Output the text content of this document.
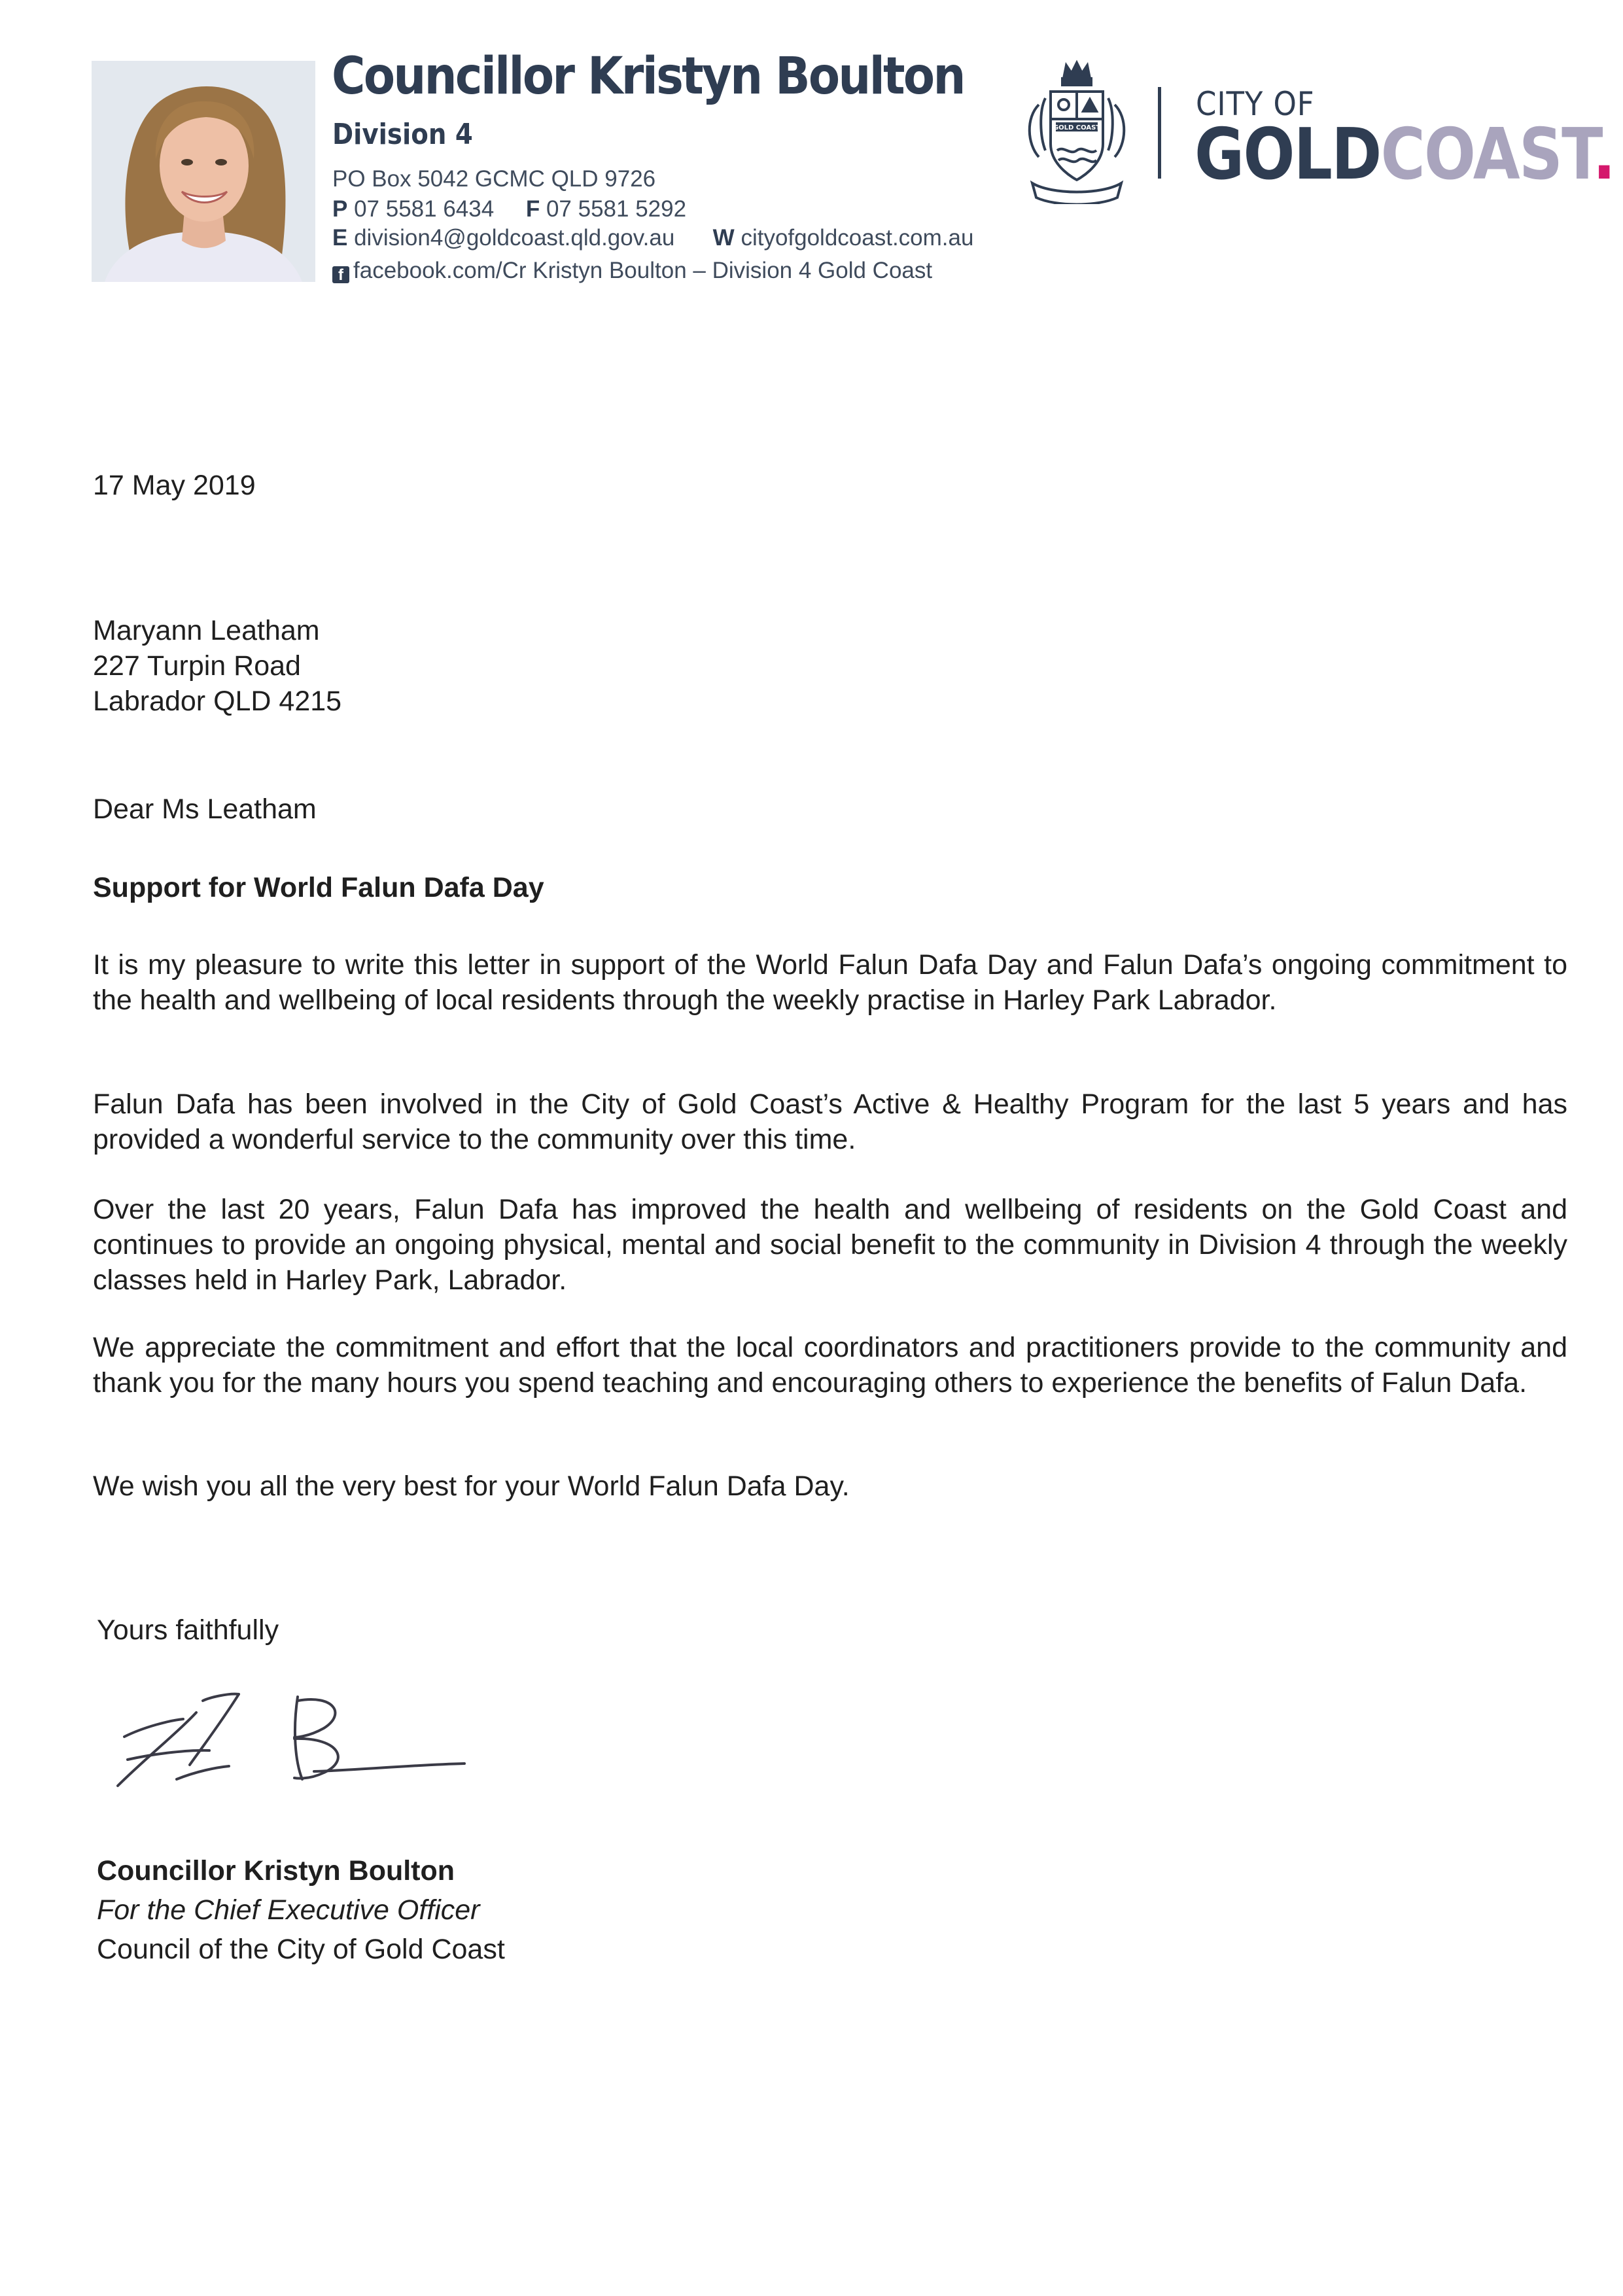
Councillor Kristyn Boulton
Division 4
PO Box 5042 GCMC QLD 9726
P 07 5581 6434 F 07 5581 5292
E division4@goldcoast.qld.gov.au W cityofgoldcoast.com.au
f facebook.com/Cr Kristyn Boulton – Division 4 Gold Coast
GOLD COAST
CITY OF
GOLDCOAST.
17 May 2019
Maryann Leatham
227 Turpin Road
Labrador QLD 4215
Dear Ms Leatham
Support for World Falun Dafa Day
It is my pleasure to write this letter in support of the World Falun Dafa Day and Falun Dafa’s ongoing commitment to the health and wellbeing of local residents through the weekly practise in Harley Park Labrador.
Falun Dafa has been involved in the City of Gold Coast’s Active & Healthy Program for the last 5 years and has provided a wonderful service to the community over this time.
Over the last 20 years, Falun Dafa has improved the health and wellbeing of residents on the Gold Coast and continues to provide an ongoing physical, mental and social benefit to the community in Division 4 through the weekly classes held in Harley Park, Labrador.
We appreciate the commitment and effort that the local coordinators and practitioners provide to the community and thank you for the many hours you spend teaching and encouraging others to experience the benefits of Falun Dafa.
We wish you all the very best for your World Falun Dafa Day.
Yours faithfully
Councillor Kristyn Boulton
For the Chief Executive Officer
Council of the City of Gold Coast
